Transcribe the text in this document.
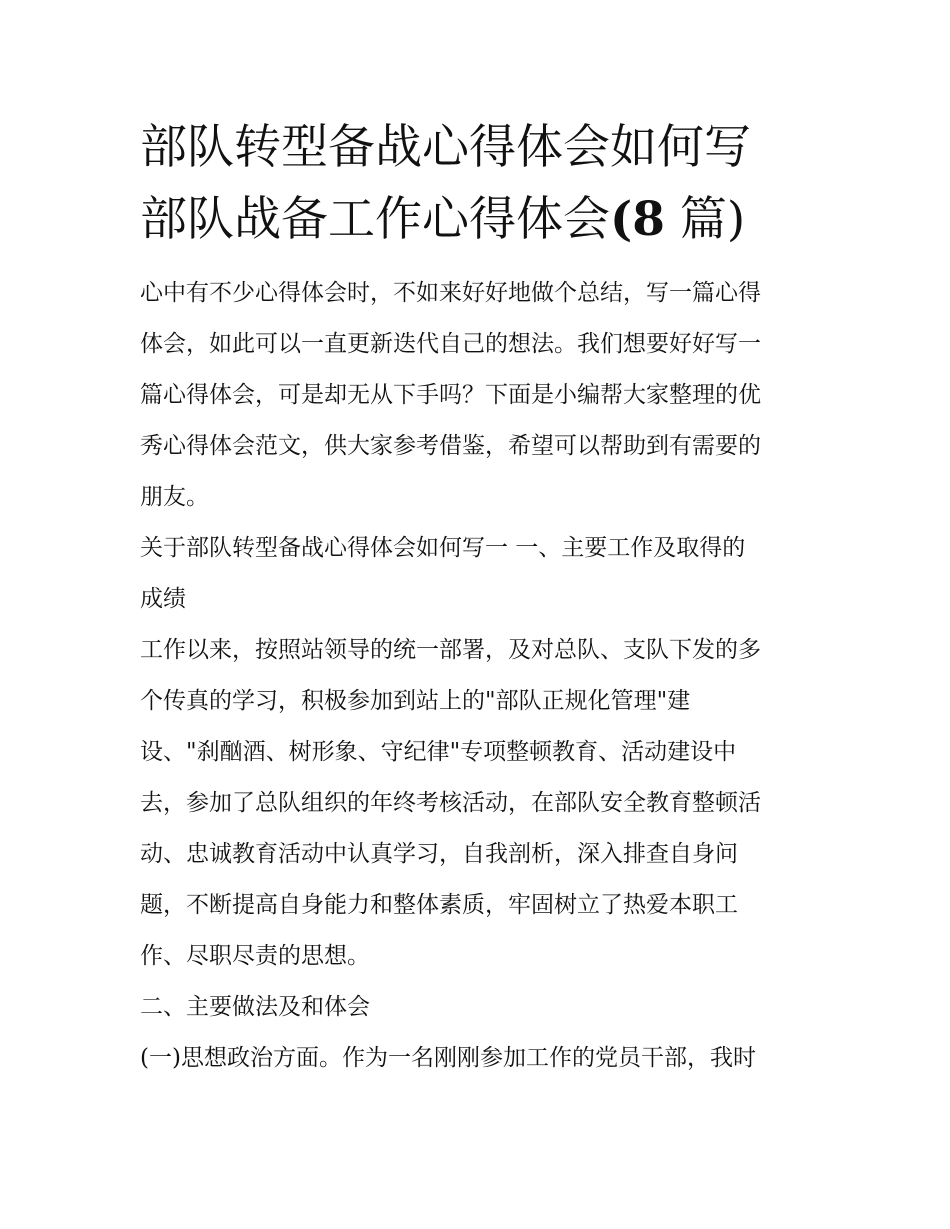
部队转型备战心得体会如何写
部队战备工作心得体会(8 篇)
心中有不少心得体会时，不如来好好地做个总结，写一篇心得
体会，如此可以一直更新迭代自己的想法。我们想要好好写一
篇心得体会，可是却无从下手吗？下面是小编帮大家整理的优
秀心得体会范文，供大家参考借鉴，希望可以帮助到有需要的
朋友。
关于部队转型备战心得体会如何写一 一、主要工作及取得的
成绩
工作以来，按照站领导的统一部署，及对总队、支队下发的多
个传真的学习，积极参加到站上的"部队正规化管理"建
设、"刹酗酒、树形象、守纪律"专项整顿教育、活动建设中
去，参加了总队组织的年终考核活动，在部队安全教育整顿活
动、忠诚教育活动中认真学习，自我剖析，深入排查自身问
题，不断提高自身能力和整体素质，牢固树立了热爱本职工
作、尽职尽责的思想。
二、主要做法及和体会
(一)思想政治方面。作为一名刚刚参加工作的党员干部，我时
